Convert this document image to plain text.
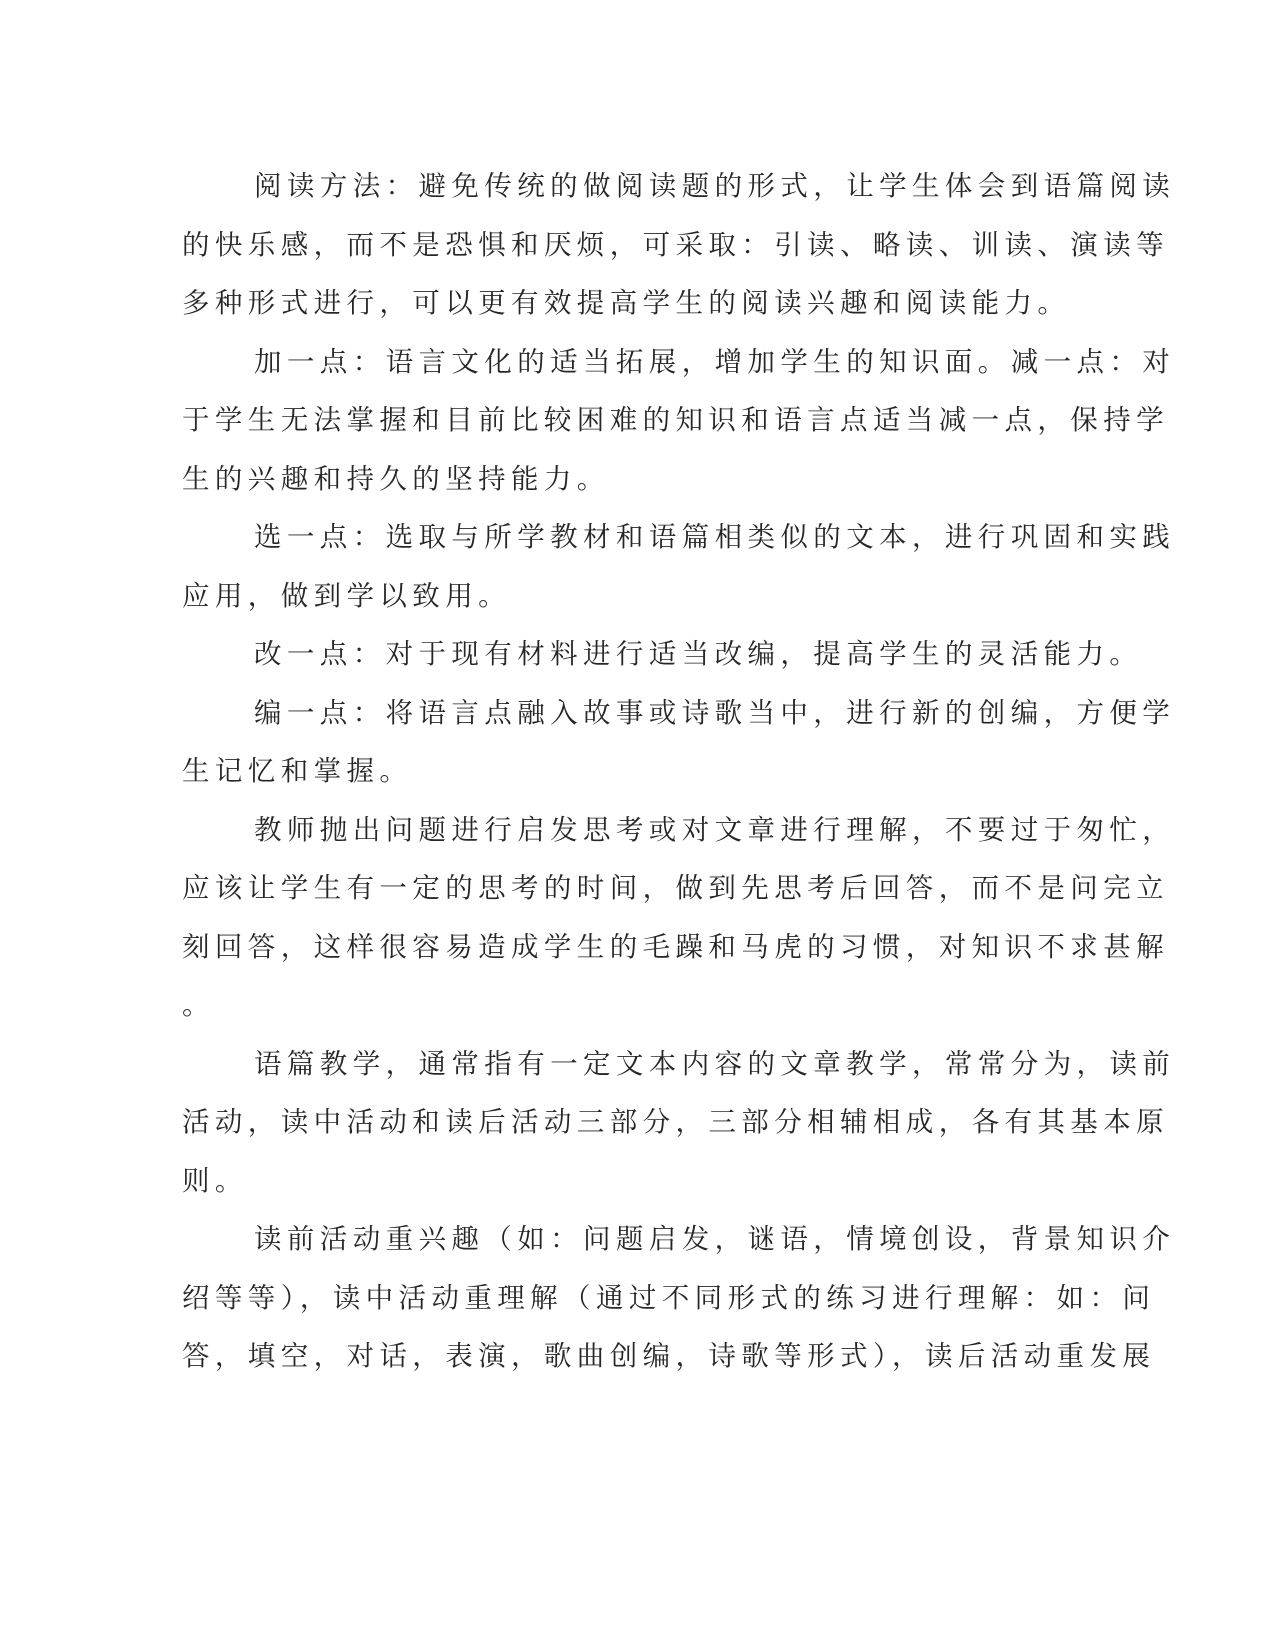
阅读方法：避免传统的做阅读题的形式，让学生体会到语篇阅读
的快乐感，而不是恐惧和厌烦，可采取：引读、略读、训读、演读等
多种形式进行，可以更有效提高学生的阅读兴趣和阅读能力。
加一点：语言文化的适当拓展，增加学生的知识面。减一点：对
于学生无法掌握和目前比较困难的知识和语言点适当减一点，保持学
生的兴趣和持久的坚持能力。
选一点：选取与所学教材和语篇相类似的文本，进行巩固和实践
应用，做到学以致用。
改一点：对于现有材料进行适当改编，提高学生的灵活能力。
编一点：将语言点融入故事或诗歌当中，进行新的创编，方便学
生记忆和掌握。
教师抛出问题进行启发思考或对文章进行理解，不要过于匆忙，
应该让学生有一定的思考的时间，做到先思考后回答，而不是问完立
刻回答，这样很容易造成学生的毛躁和马虎的习惯，对知识不求甚解
。
语篇教学，通常指有一定文本内容的文章教学，常常分为，读前
活动，读中活动和读后活动三部分，三部分相辅相成，各有其基本原
则。
读前活动重兴趣（如：问题启发，谜语，情境创设，背景知识介
绍等等），读中活动重理解（通过不同形式的练习进行理解：如：问
答，填空，对话，表演，歌曲创编，诗歌等形式），读后活动重发展
